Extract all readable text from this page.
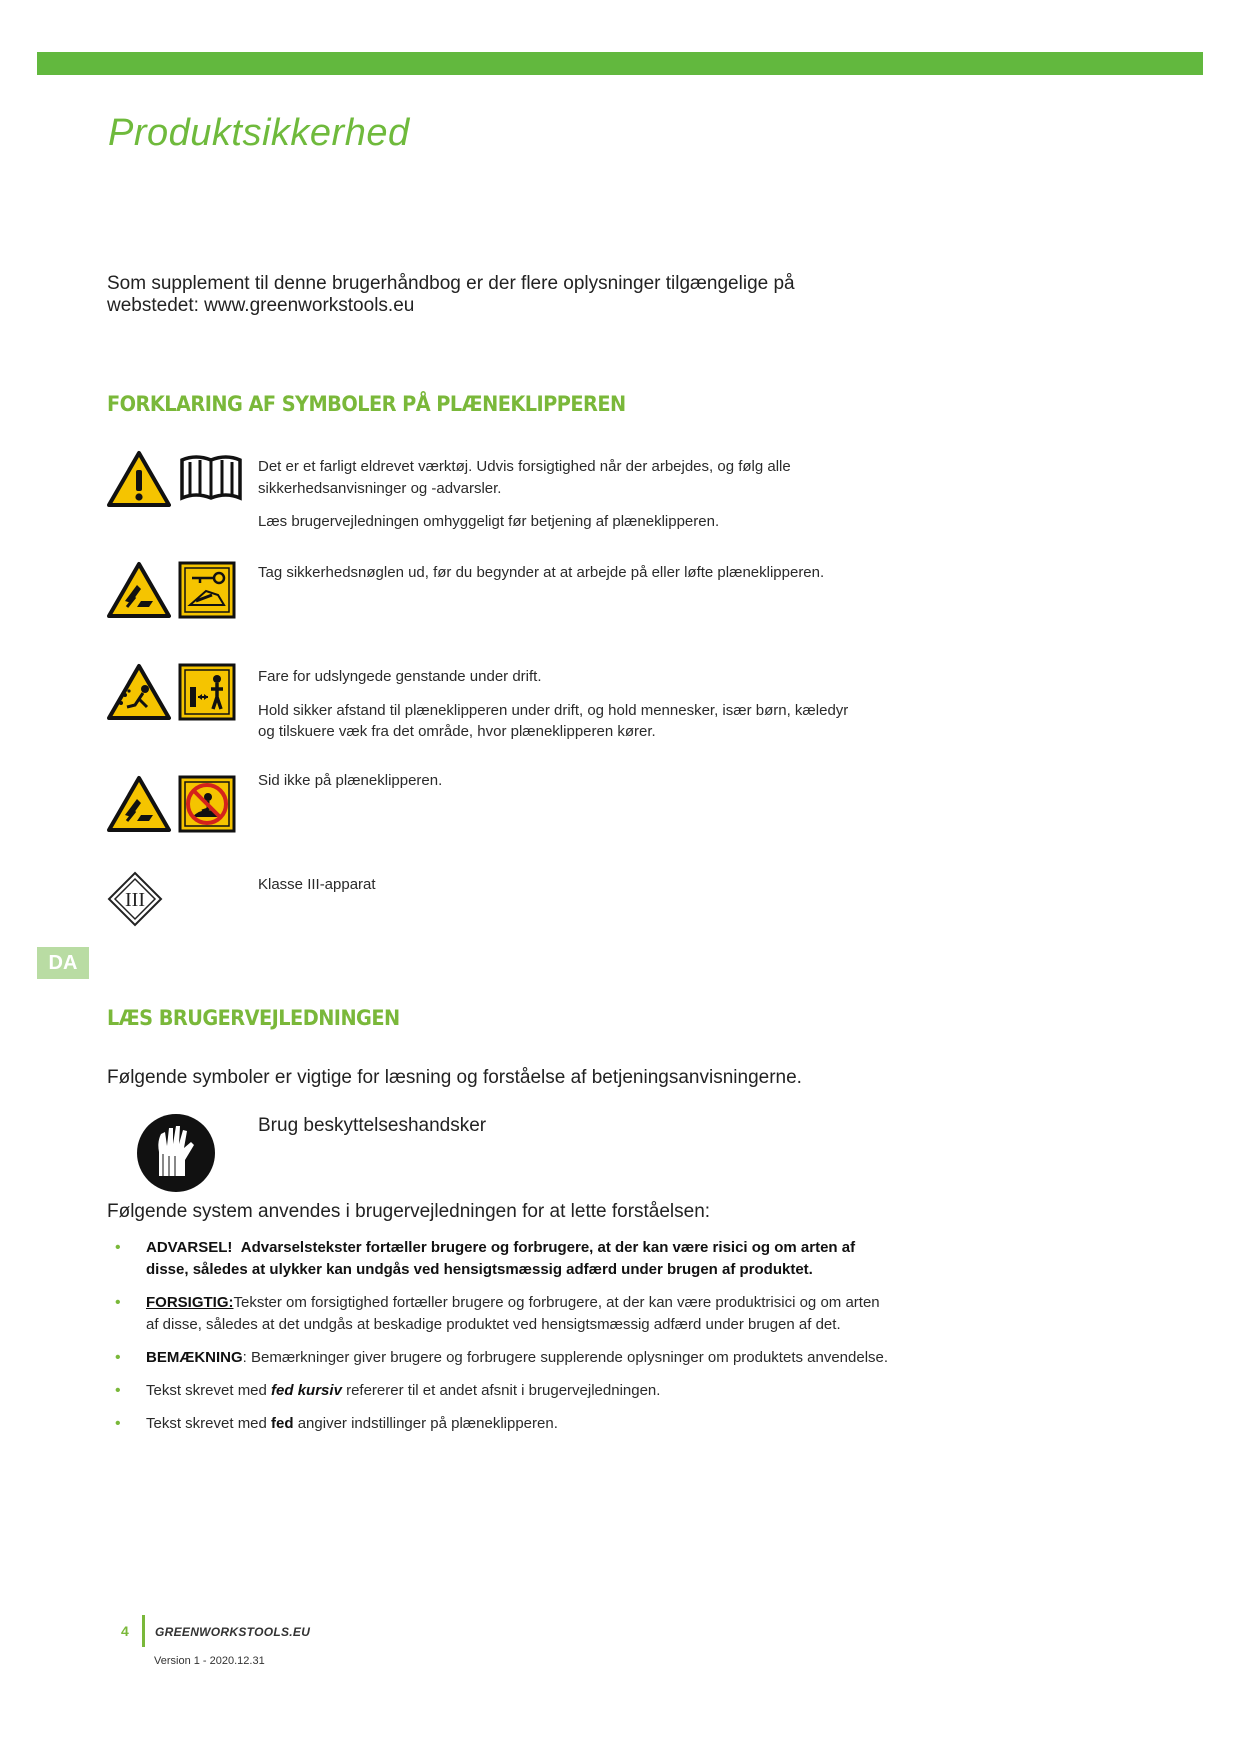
Produktsikkerhed
Som supplement til denne brugerhåndbog er der flere oplysninger tilgængelige på webstedet: www.greenworkstools.eu
FORKLARING AF SYMBOLER PÅ PLÆNEKLIPPEREN

Det er et farligt eldrevet værktøj. Udvis forsigtighed når der arbejdes, og følg alle sikkerhedsanvisninger og -advarsler.

Læs brugervejledningen omhyggeligt før betjening af plæneklipperen.

Tag sikkerhedsnøglen ud, før du begynder at at arbejde på eller løfte plæneklipperen.

Fare for udslyngede genstande under drift.

Hold sikker afstand til plæneklipperen under drift, og hold mennesker, især børn, kæledyr og tilskuere væk fra det område, hvor plæneklipperen kører.

Sid ikke på plæneklipperen.

III

Klasse III-apparat

DA
LÆS BRUGERVEJLEDNINGEN
Følgende symboler er vigtige for læsning og forståelse af betjeningsanvisningerne.
Brug beskyttelseshandsker
Følgende system anvendes i brugervejledningen for at lette forståelsen:
• ADVARSEL! Advarselstekster fortæller brugere og forbrugere, at der kan være risici og om arten af disse, således at ulykker kan undgås ved hensigtsmæssig adfærd under brugen af produktet.
• FORSIGTIG:Tekster om forsigtighed fortæller brugere og forbrugere, at der kan være produktrisici og om arten af disse, således at det undgås at beskadige produktet ved hensigtsmæssig adfærd under brugen af det.
• BEMÆKNING: Bemærkninger giver brugere og forbrugere supplerende oplysninger om produktets anvendelse.
• Tekst skrevet med fed kursiv refererer til et andet afsnit i brugervejledningen.
• Tekst skrevet med fed angiver indstillinger på plæneklipperen.
4 GREENWORKSTOOLS.EU
Version 1 - 2020.12.31
